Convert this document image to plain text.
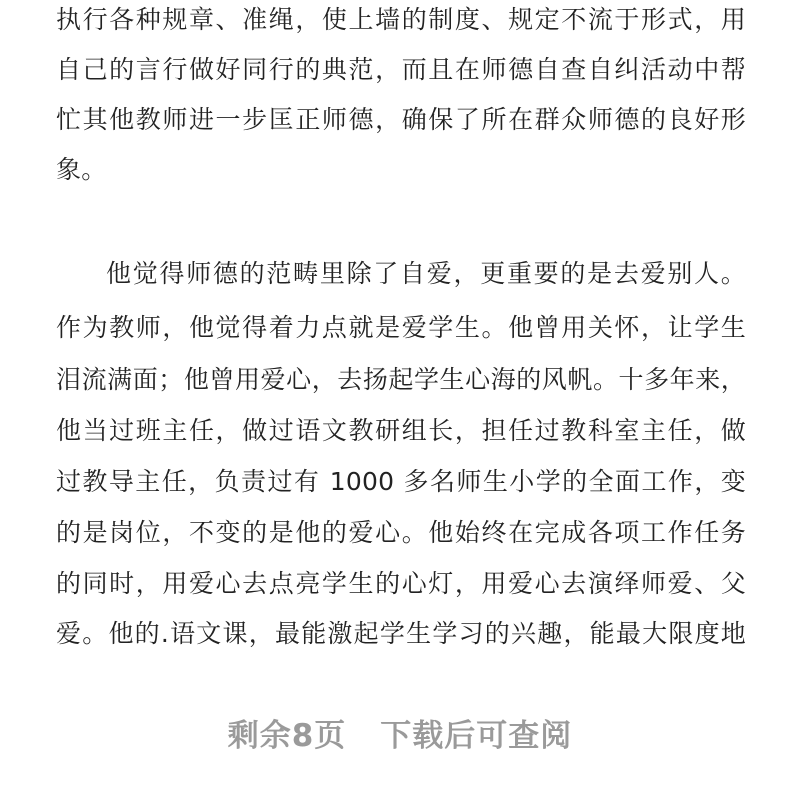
执行各种规章、准绳，使上墙的制度、规定不流于形式，用
自己的言行做好同行的典范，而且在师德自查自纠活动中帮
忙其他教师进一步匡正师德，确保了所在群众师德的良好形
象。
他觉得师德的范畴里除了自爱，更重要的是去爱别人。
作为教师，他觉得着力点就是爱学生。他曾用关怀，让学生
泪流满面；他曾用爱心，去扬起学生心海的风帆。十多年来，
他当过班主任，做过语文教研组长，担任过教科室主任，做
过教导主任，负责过有 1000 多名师生小学的全面工作，变
的是岗位，不变的是他的爱心。他始终在完成各项工作任务
的同时，用爱心去点亮学生的心灯，用爱心去演绎师爱、父
爱。他的.语文课，最能激起学生学习的兴趣，能最大限度地
剩余8页 下载后可查阅
